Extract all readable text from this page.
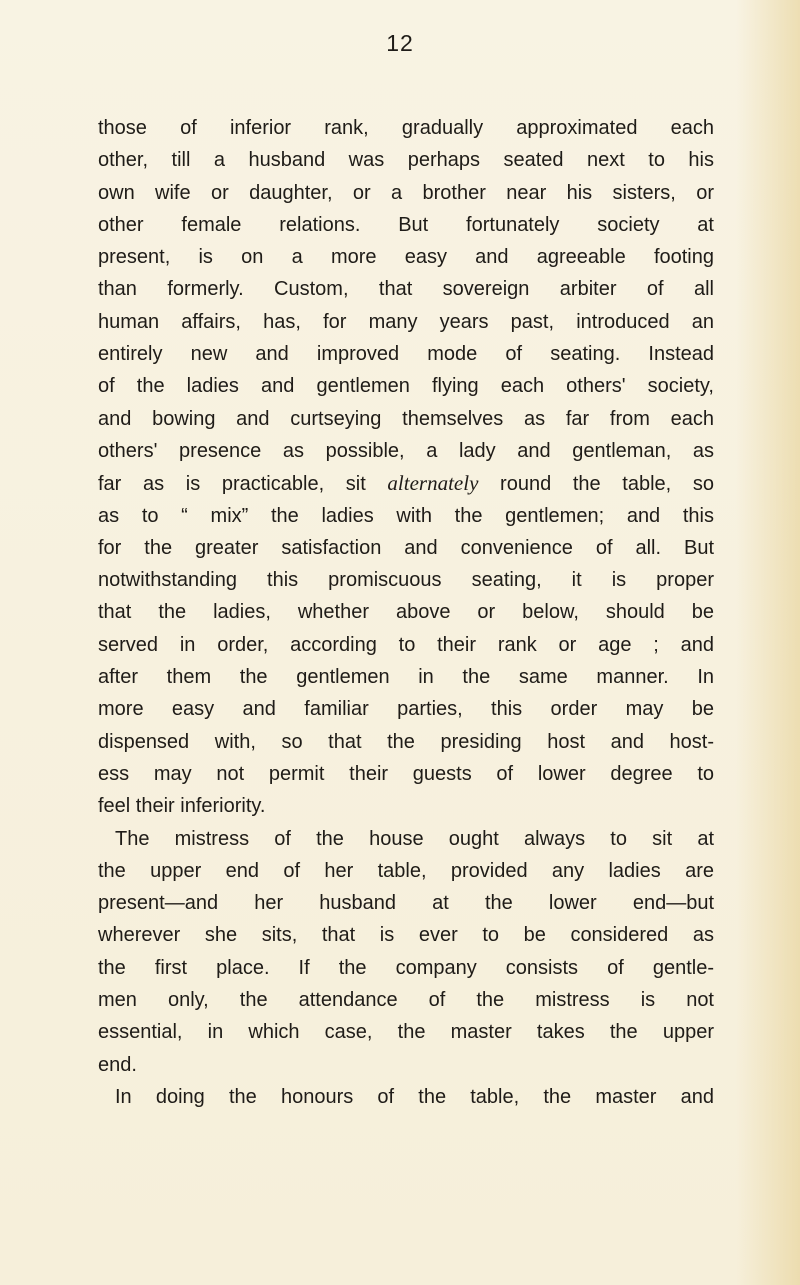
12
those of inferior rank, gradually approximated each
other, till a husband was perhaps seated next to his
own wife or daughter, or a brother near his sisters, or
other female relations. But fortunately society at
present, is on a more easy and agreeable footing
than formerly. Custom, that sovereign arbiter of all
human affairs, has, for many years past, introduced an
entirely new and improved mode of seating. Instead
of the ladies and gentlemen flying each others' society,
and bowing and curtseying themselves as far from each
others' presence as possible, a lady and gentleman, as
far as is practicable, sit alternately round the table, so
as to “ mix” the ladies with the gentlemen; and this
for the greater satisfaction and convenience of all. But
notwithstanding this promiscuous seating, it is proper
that the ladies, whether above or below, should be
served in order, according to their rank or age ; and
after them the gentlemen in the same manner. In
more easy and familiar parties, this order may be
dispensed with, so that the presiding host and host-
ess may not permit their guests of lower degree to
feel their inferiority.
The mistress of the house ought always to sit at
the upper end of her table, provided any ladies are
present—and her husband at the lower end—but
wherever she sits, that is ever to be considered as
the first place. If the company consists of gentle-
men only, the attendance of the mistress is not
essential, in which case, the master takes the upper
end.
In doing the honours of the table, the master and
